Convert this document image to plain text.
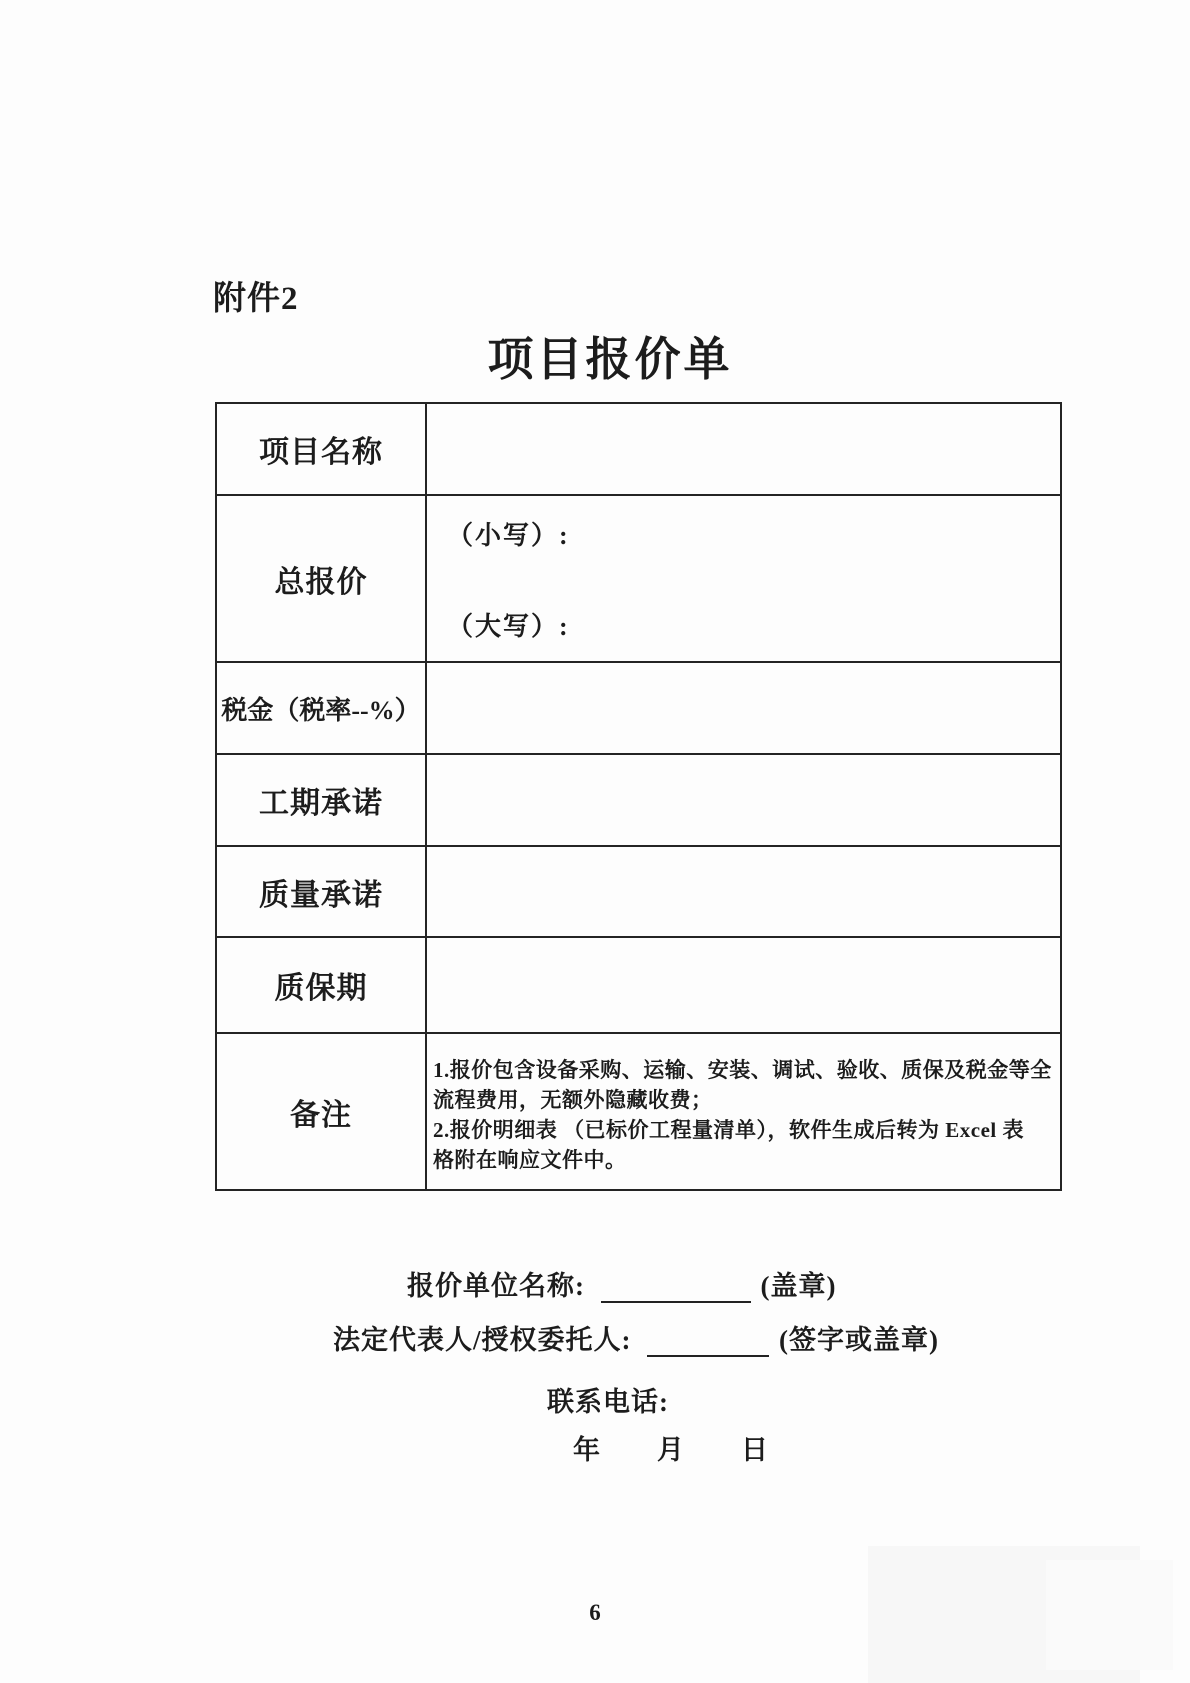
附件2
项目报价单
项目名称	
总报价	（小写）:
（大写）:

税金（税率--%）	
工期承诺	
质量承诺	
质保期	
备注	1.报价包含设备采购、运输、安装、调试、验收、质保及税金等全
流程费用，无额外隐藏收费；
2.报价明细表 （已标价工程量清单），软件生成后转为 Excel 表
格附在响应文件中。
报价单位名称:	(盖章)
法定代表人/授权委托人:	(签字或盖章)
联系电话:
年 月 日
6
